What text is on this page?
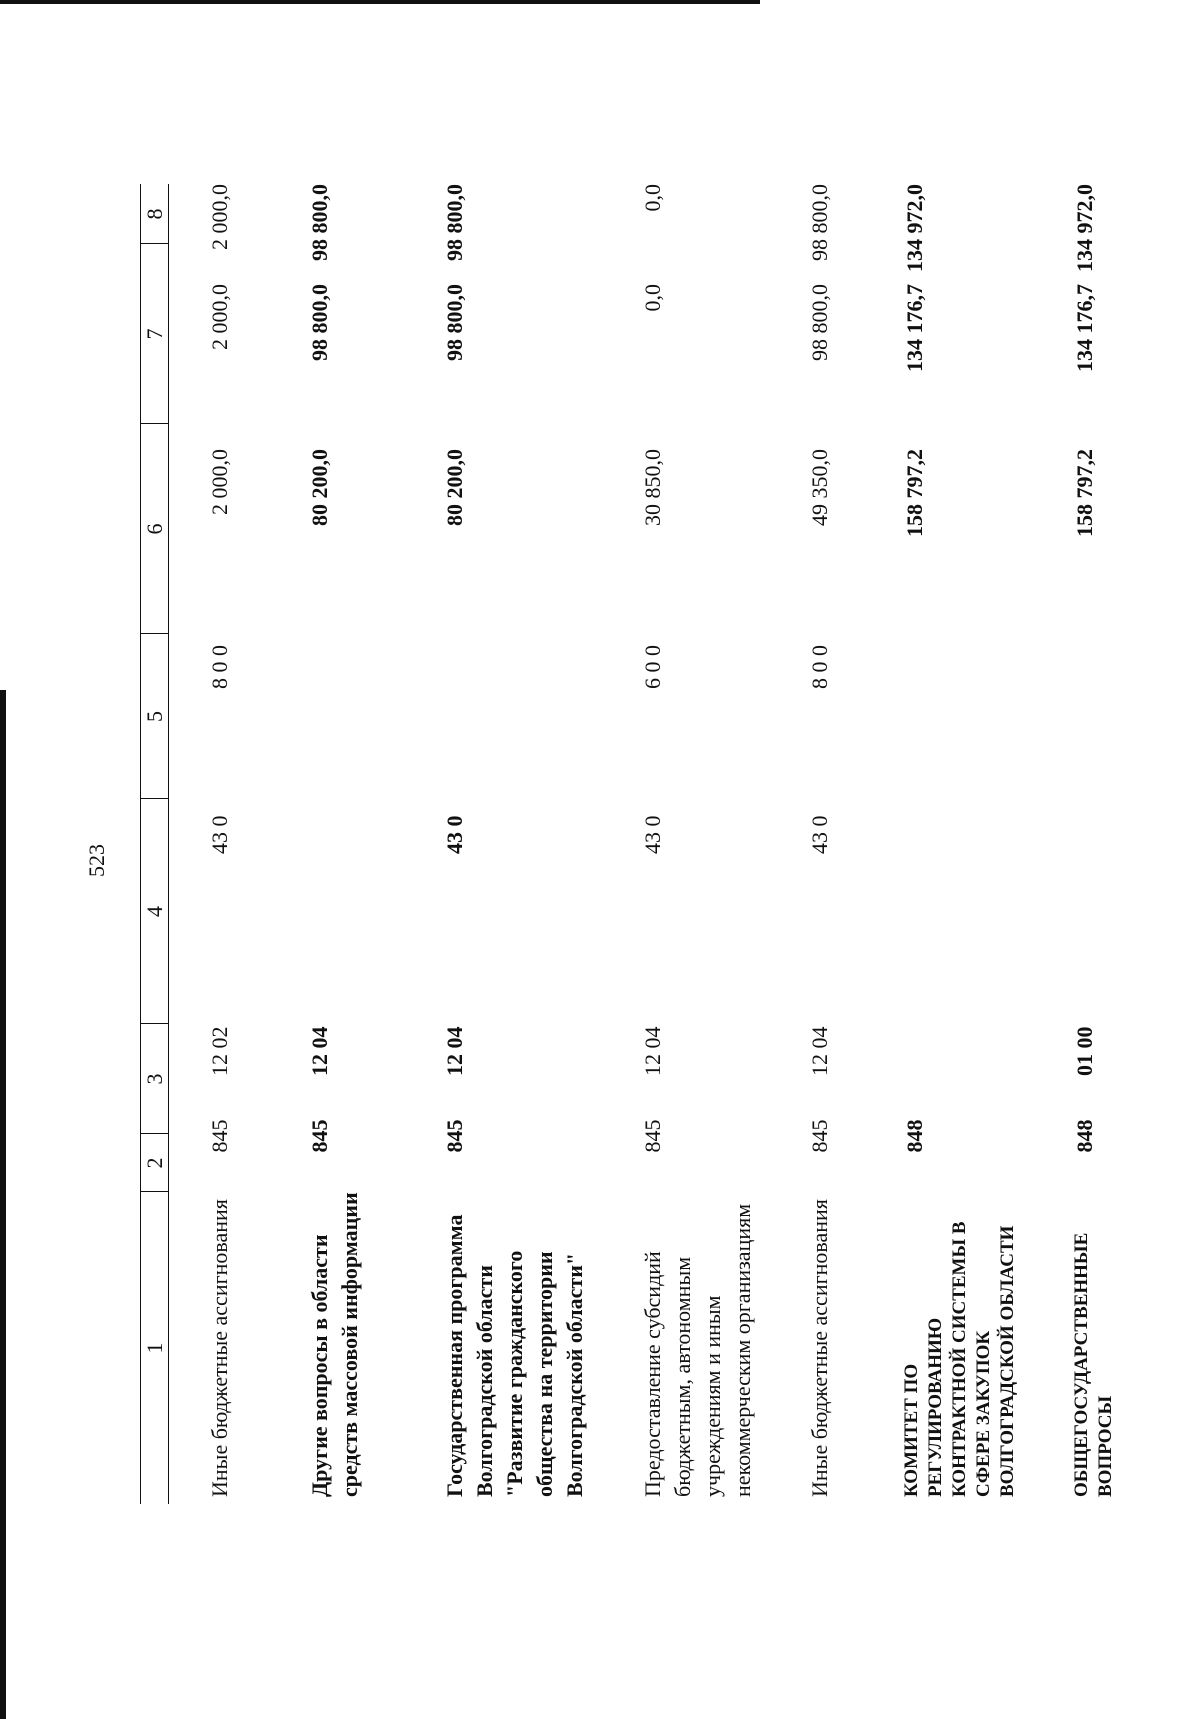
523
1
2
3
4
5
6
7
8
Иные бюджетные ассигнования
845
12 02
43 0
8 0 0
2 000,0
2 000,0
2 000,0
Другие вопросы в области средств массовой информации
845
12 04
80 200,0
98 800,0
98 800,0
Государственная программа Волгоградской области "Развитие гражданского общества на территории Волгоградской области"
845
12 04
43 0
80 200,0
98 800,0
98 800,0
Предоставление субсидий бюджетным, автономным учреждениям и иным некоммерческим организациям
845
12 04
43 0
6 0 0
30 850,0
0,0
0,0
Иные бюджетные ассигнования
845
12 04
43 0
8 0 0
49 350,0
98 800,0
98 800,0
КОМИТЕТ ПО РЕГУЛИРОВАНИЮ КОНТРАКТНОЙ СИСТЕМЫ В СФЕРЕ ЗАКУПОК ВОЛГОГРАДСКОЙ ОБЛАСТИ
848
158 797,2
134 176,7
134 972,0
ОБЩЕГОСУДАРСТВЕННЫЕ ВОПРОСЫ
848
01 00
158 797,2
134 176,7
134 972,0
